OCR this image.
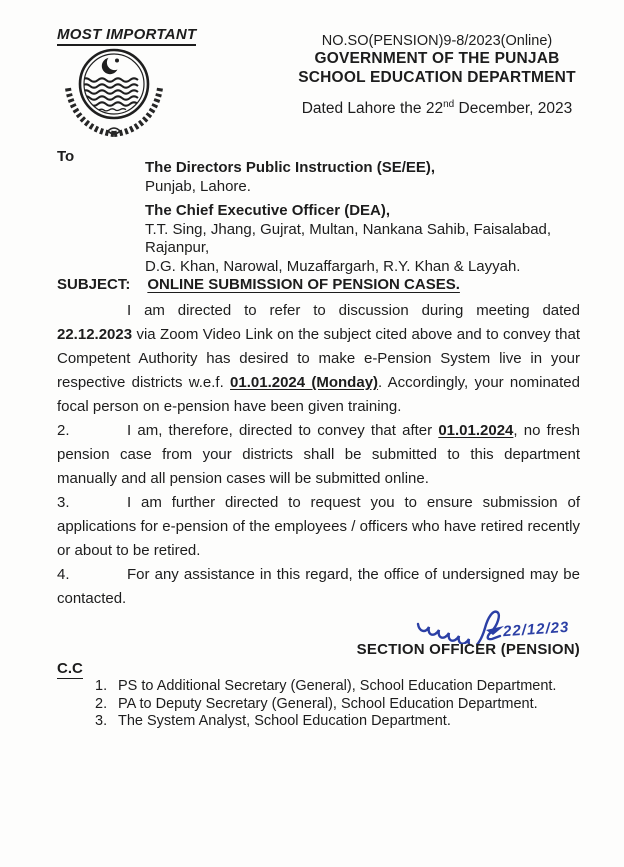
MOST IMPORTANT	NO.SO(PENSION)9-8/2023(Online)
GOVERNMENT OF THE PUNJAB
SCHOOL EDUCATION DEPARTMENT
Dated Lahore the 22nd December, 2023
To
The Directors Public Instruction (SE/EE),
Punjab, Lahore.
The Chief Executive Officer (DEA),
T.T. Sing, Jhang, Gujrat, Multan, Nankana Sahib, Faisalabad, Rajanpur,
D.G. Khan, Narowal, Muzaffargarh, R.Y. Khan & Layyah.
SUBJECT: ONLINE SUBMISSION OF PENSION CASES.

I am directed to refer to discussion during meeting dated 22.12.2023 via Zoom Video Link on the subject cited above and to convey that Competent Authority has desired to make e-Pension System live in your respective districts w.e.f. 01.01.2024 (Monday). Accordingly, your nominated focal person on e-pension have been given training.

2.	I am, therefore, directed to convey that after 01.01.2024, no fresh pension case from your districts shall be submitted to this department manually and all pension cases will be submitted online.

3.	I am further directed to request you to ensure submission of applications for e-pension of the employees / officers who have retired recently or about to be retired.

4.	For any assistance in this regard, the office of undersigned may be contacted.

22/12/23
SECTION OFFICER (PENSION)
C.C
1. PS to Additional Secretary (General), School Education Department.
2. PA to Deputy Secretary (General), School Education Department.
3. The System Analyst, School Education Department.
